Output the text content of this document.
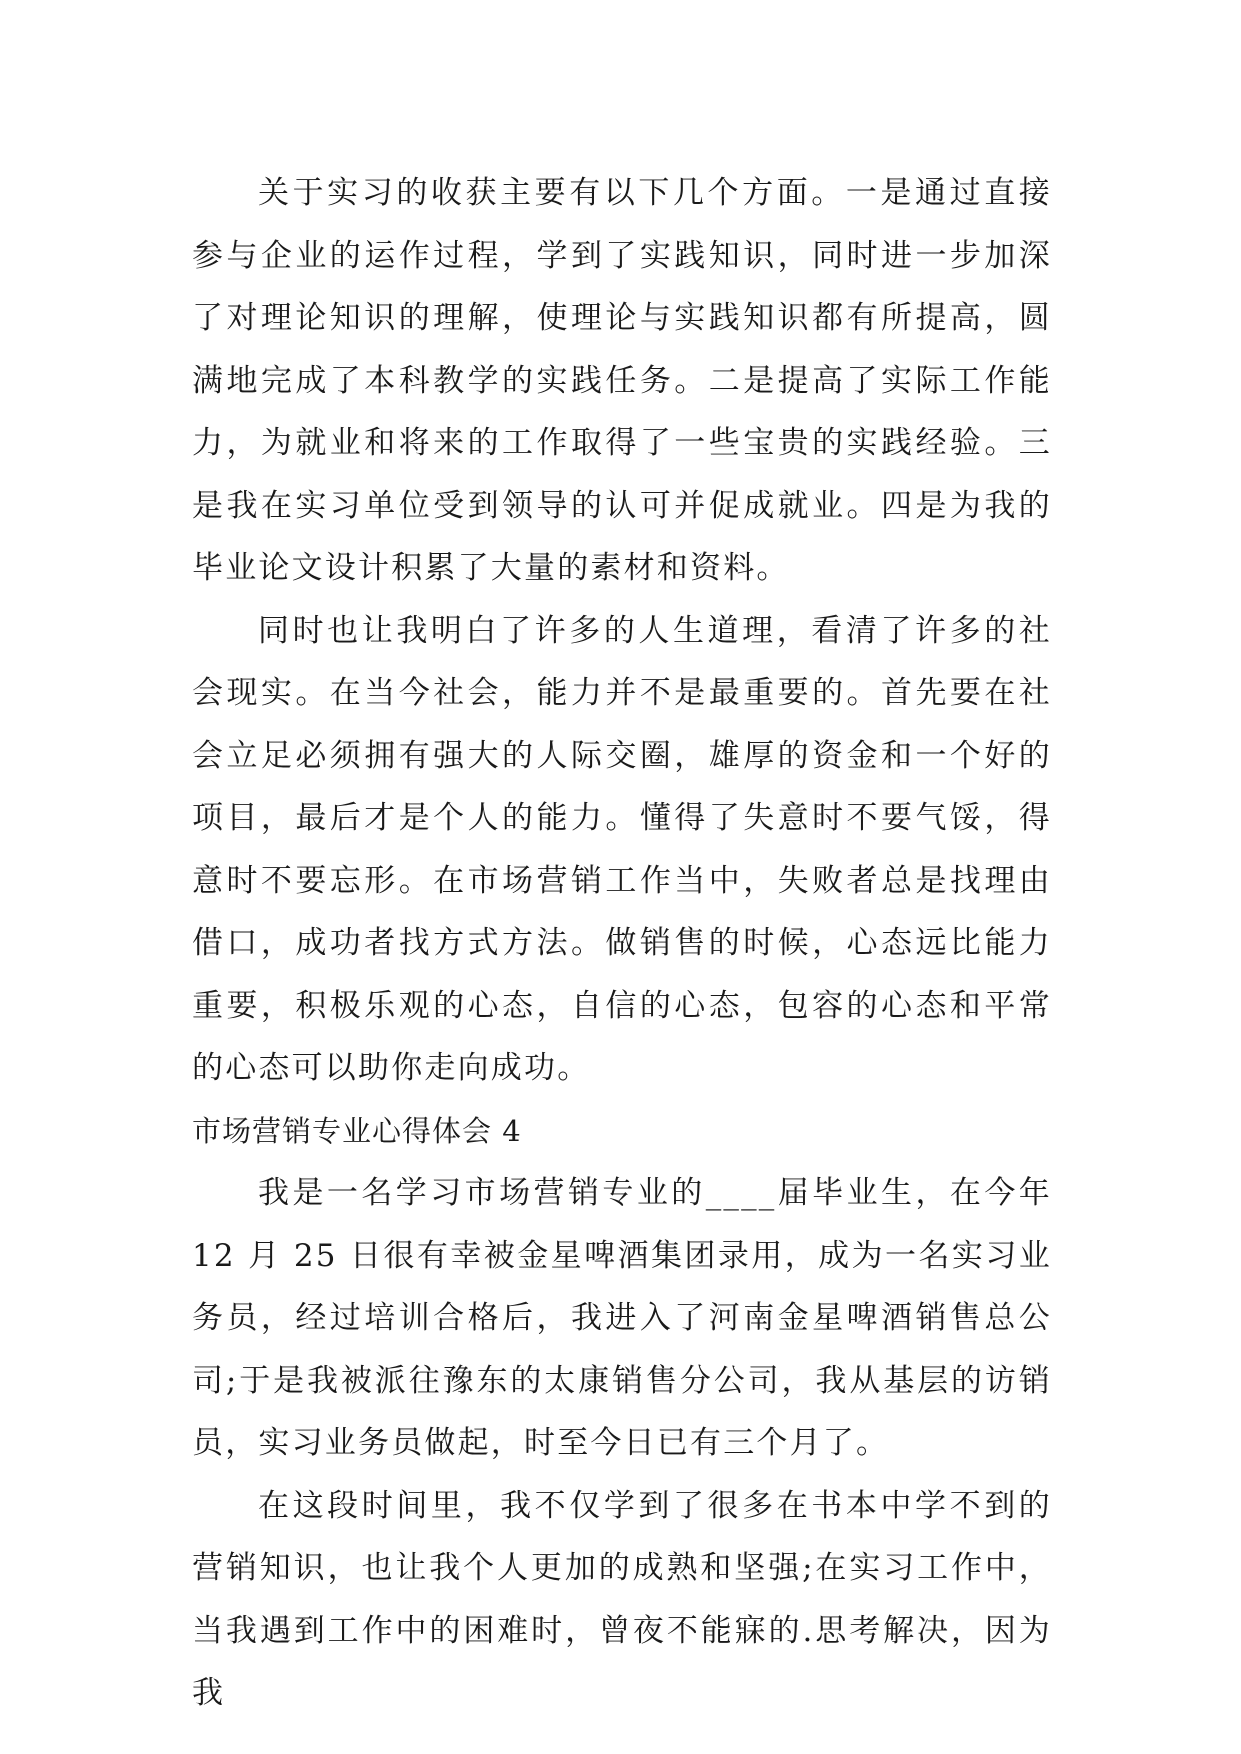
关于实习的收获主要有以下几个方面。一是通过直接参与企业的运作过程，学到了实践知识，同时进一步加深了对理论知识的理解，使理论与实践知识都有所提高，圆满地完成了本科教学的实践任务。二是提高了实际工作能力，为就业和将来的工作取得了一些宝贵的实践经验。三是我在实习单位受到领导的认可并促成就业。四是为我的毕业论文设计积累了大量的素材和资料。

同时也让我明白了许多的人生道理，看清了许多的社会现实。在当今社会，能力并不是最重要的。首先要在社会立足必须拥有强大的人际交圈，雄厚的资金和一个好的项目，最后才是个人的能力。懂得了失意时不要气馁，得意时不要忘形。在市场营销工作当中，失败者总是找理由借口，成功者找方式方法。做销售的时候，心态远比能力重要，积极乐观的心态，自信的心态，包容的心态和平常的心态可以助你走向成功。

市场营销专业心得体会 4

我是一名学习市场营销专业的____届毕业生，在今年 12 月 25 日很有幸被金星啤酒集团录用，成为一名实习业务员，经过培训合格后，我进入了河南金星啤酒销售总公司;于是我被派往豫东的太康销售分公司，我从基层的访销员，实习业务员做起，时至今日已有三个月了。

在这段时间里，我不仅学到了很多在书本中学不到的营销知识，也让我个人更加的成熟和坚强;在实习工作中，当我遇到工作中的困难时，曾夜不能寐的.思考解决，因为我
